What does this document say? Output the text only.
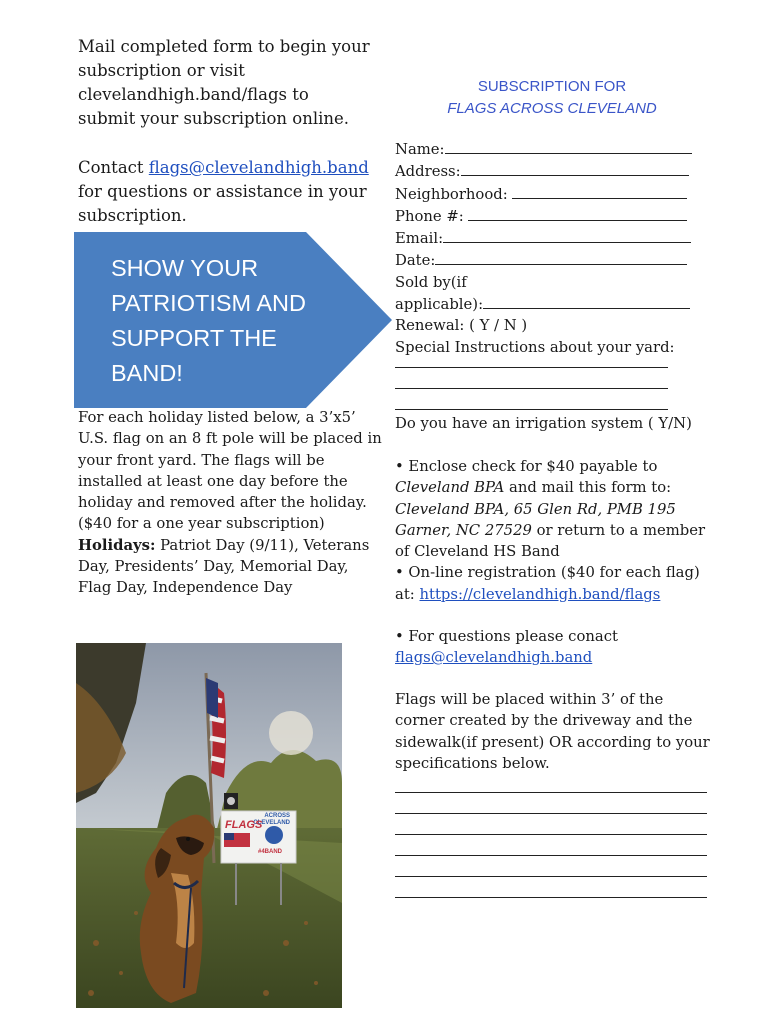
Mail completed form to begin your
subscription or visit
clevelandhigh.band/flags to
submit your subscription online.
Contact flags@clevelandhigh.band
for questions or assistance in your
subscription.
SHOW YOUR
PATRIOTISM AND
SUPPORT THE
BAND!
For each holiday listed below, a 3’x5’
U.S. flag on an 8 ft pole will be placed in
your front yard. The flags will be
installed at least one day before the
holiday and removed after the holiday.
($40 for a one year subscription)
Holidays: Patriot Day (9/11), Veterans
Day, Presidents’ Day, Memorial Day,
Flag Day, Independence Day
ACROSS
CLEVELAND
FLAGS
#4BAND
SUBSCRIPTION FOR
FLAGS ACROSS CLEVELAND
Name:
Address:
Neighborhood:
Phone #:
Email:
Date:
Sold by(if
applicable):
Renewal: ( Y / N )
Special Instructions about your yard:
Do you have an irrigation system ( Y/N)
• Enclose check for $40 payable to
Cleveland BPA and mail this form to:
Cleveland BPA, 65 Glen Rd, PMB 195
Garner, NC 27529 or return to a member
of Cleveland HS Band
• On-line registration ($40 for each flag)
at: https://clevelandhigh.band/flags
• For questions please conact
flags@clevelandhigh.band
Flags will be placed within 3’ of the
corner created by the driveway and the
sidewalk(if present) OR according to your
specifications below.
